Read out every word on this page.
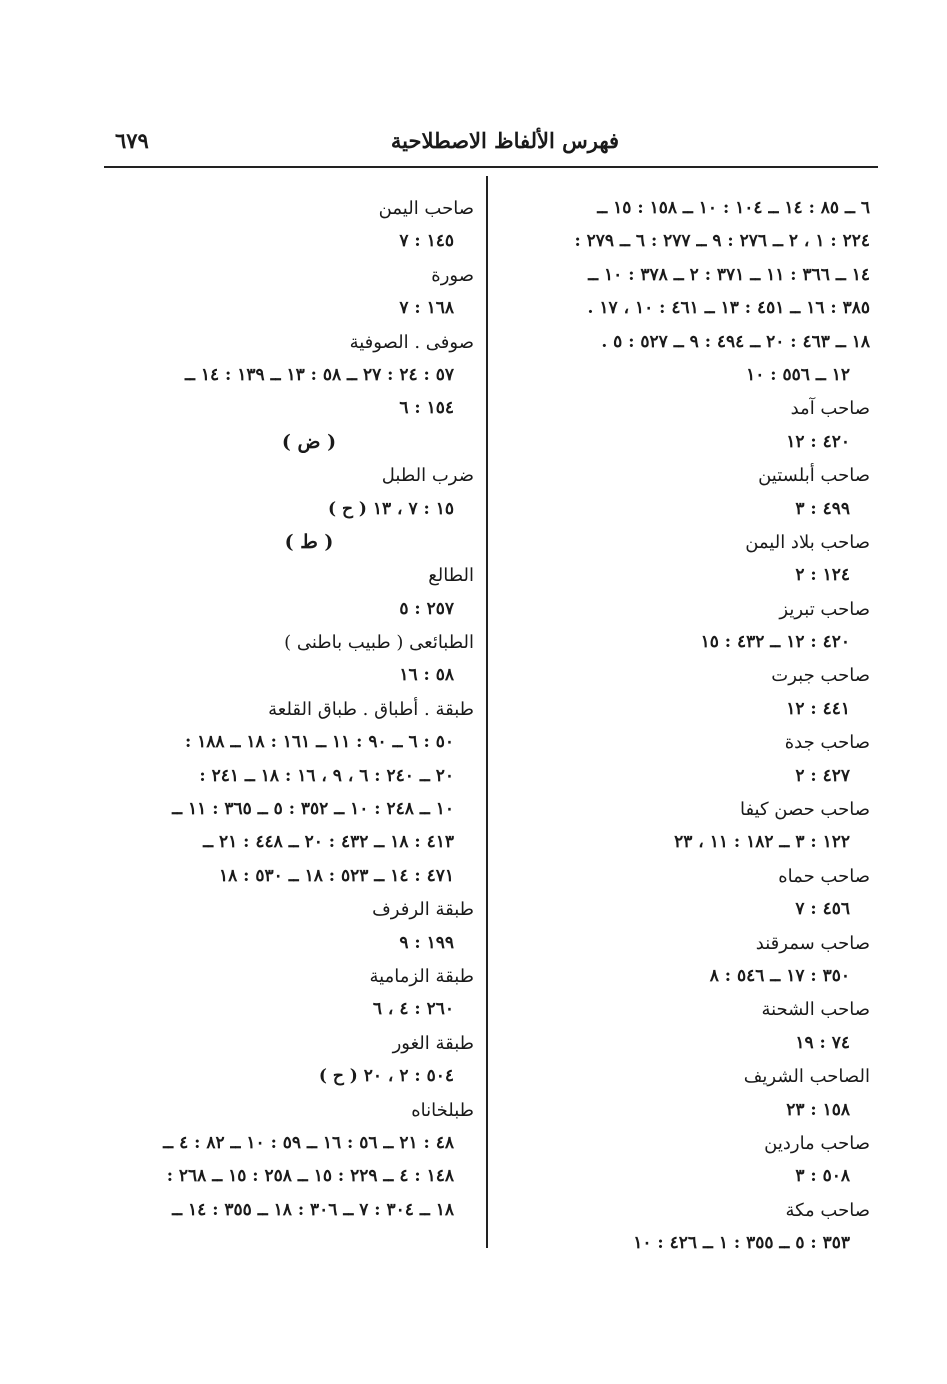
فهرس الألفاظ الاصطلاحية
٦٧٩
٦ ــ ٨٥ : ١٤ ــ ١٠٤ : ١٠ ــ ١٥٨ : ١٥ ــ
٢٢٤ : ١ ، ٢ ــ ٢٧٦ : ٩ ــ ٢٧٧ : ٦ ــ ٢٧٩ :
١٤ ــ ٣٦٦ : ١١ ــ ٣٧١ : ٢ ــ ٣٧٨ : ١٠ ــ
٣٨٥ : ١٦ ــ ٤٥١ : ١٣ ــ ٤٦١ : ١٠ ، ١٧ .
١٨ ــ ٤٦٣ : ٢٠ ــ ٤٩٤ : ٩ ــ ٥٢٧ : ٥ .
١٢ ــ ٥٥٦ : ١٠
صاحب آمد
٤٢٠ : ١٢
صاحب أبلستين
٤٩٩ : ٣
صاحب بلاد اليمن
١٢٤ : ٢
صاحب تبريز
٤٢٠ : ١٢ ــ ٤٣٢ : ١٥
صاحب جبرت
٤٤١ : ١٢
صاحب جدة
٤٢٧ : ٢
صاحب حصن كيفا
١٢٢ : ٣ ــ ١٨٢ : ١١ ، ٢٣
صاحب حماه
٤٥٦ : ٧
صاحب سمرقند
٣٥٠ : ١٧ ــ ٥٤٦ : ٨
صاحب الشحنة
٧٤ : ١٩
الصاحب الشريف
١٥٨ : ٢٣
صاحب ماردين
٥٠٨ : ٣
صاحب مكة
٣٥٣ : ٥ ــ ٣٥٥ : ١ ــ ٤٢٦ : ١٠
صاحب اليمن
١٤٥ : ٧
صورة
١٦٨ : ٧
صوفى . الصوفية
٥٧ : ٢٤ : ٢٧ ــ ٥٨ : ١٣ ــ ١٣٩ : ١٤ ــ
١٥٤ : ٦
( ض )
ضرب الطبل
١٥ : ٧ ، ١٣ ( ح )
( ط )
الطالع
٢٥٧ : ٥
الطبائعى ( طبيب باطنى )
٥٨ : ١٦
طبقة . أطباق . طباق القلعة
٥٠ : ٦ ــ ٩٠ : ١١ ــ ١٦١ : ١٨ ــ ١٨٨ :
٢٠ ــ ٢٤٠ : ٦ ، ٩ ، ١٦ : ١٨ ــ ٢٤١ :
١٠ ــ ٢٤٨ : ١٠ ــ ٣٥٢ : ٥ ــ ٣٦٥ : ١١ ــ
٤١٣ : ١٨ ــ ٤٣٢ : ٢٠ ــ ٤٤٨ : ٢١ ــ
٤٧١ : ١٤ ــ ٥٢٣ : ١٨ ــ ٥٣٠ : ١٨
طبقة الرفرف
١٩٩ : ٩
طبقة الزمامية
٢٦٠ : ٤ ، ٦
طبقة الغور
٥٠٤ : ٢ ، ٢٠ ( ح )
طبلخاناه
٤٨ : ٢١ ــ ٥٦ : ١٦ ــ ٥٩ : ١٠ ــ ٨٢ : ٤ ــ
١٤٨ : ٤ ــ ٢٢٩ : ١٥ ــ ٢٥٨ : ١٥ ــ ٢٦٨ :
١٨ ــ ٣٠٤ : ٧ ــ ٣٠٦ : ١٨ ــ ٣٥٥ : ١٤ ــ
